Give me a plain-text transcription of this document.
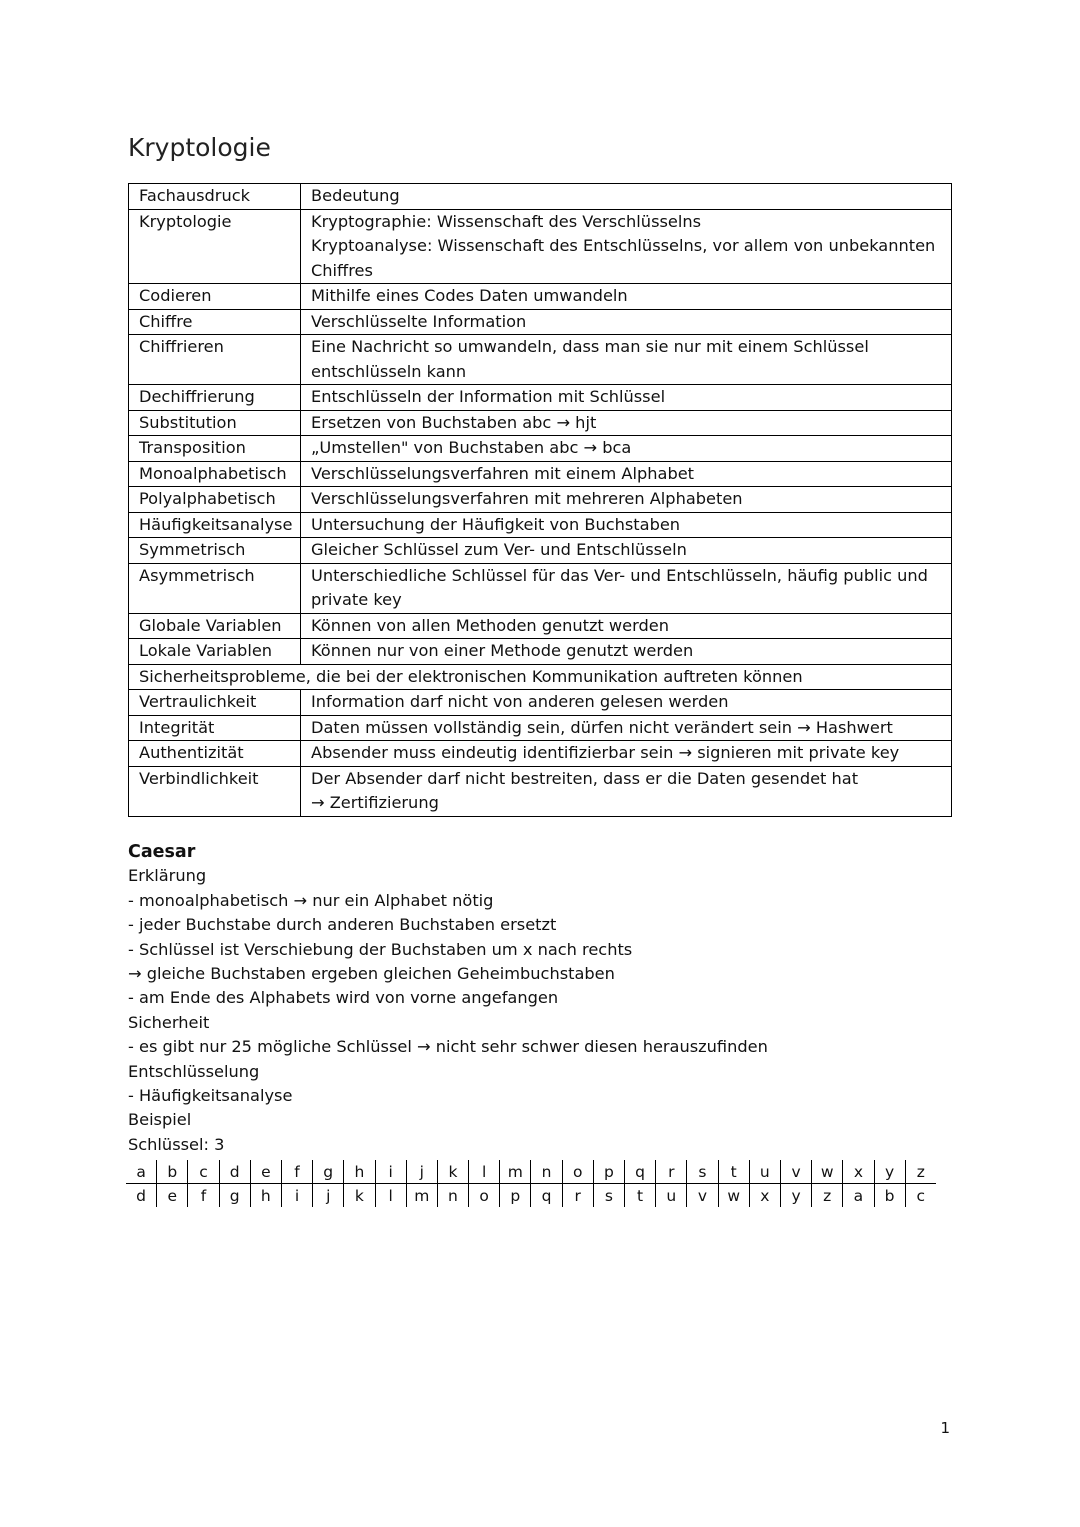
Kryptologie
Fachausdruck	Bedeutung
Kryptologie	Kryptographie: Wissenschaft des Verschlüsselns
Kryptoanalyse: Wissenschaft des Entschlüsselns, vor allem von unbekannten
Chiffres

Codieren	Mithilfe eines Codes Daten umwandeln

Chiffre	Verschlüsselte Information

Chiffrieren	Eine Nachricht so umwandeln, dass man sie nur mit einem Schlüssel
entschlüsseln kann

Dechiffrierung	Entschlüsseln der Information mit Schlüssel

Substitution	Ersetzen von Buchstaben abc → hjt

Transposition	„Umstellen" von Buchstaben abc → bca

Monoalphabetisch	Verschlüsselungsverfahren mit einem Alphabet

Polyalphabetisch	Verschlüsselungsverfahren mit mehreren Alphabeten

Häufigkeitsanalyse	Untersuchung der Häufigkeit von Buchstaben

Symmetrisch	Gleicher Schlüssel zum Ver- und Entschlüsseln

Asymmetrisch	Unterschiedliche Schlüssel für das Ver- und Entschlüsseln, häufig public und
private key

Globale Variablen	Können von allen Methoden genutzt werden

Lokale Variablen	Können nur von einer Methode genutzt werden

Sicherheitsprobleme, die bei der elektronischen Kommunikation auftreten können	
Vertraulichkeit	Information darf nicht von anderen gelesen werden

Integrität	Daten müssen vollständig sein, dürfen nicht verändert sein → Hashwert

Authentizität	Absender muss eindeutig identifizierbar sein → signieren mit private key

Verbindlichkeit	Der Absender darf nicht bestreiten, dass er die Daten gesendet hat
→ Zertifizierung
Caesar
Erklärung
- monoalphabetisch → nur ein Alphabet nötig
- jeder Buchstabe durch anderen Buchstaben ersetzt
- Schlüssel ist Verschiebung der Buchstaben um x nach rechts
→ gleiche Buchstaben ergeben gleichen Geheimbuchstaben
- am Ende des Alphabets wird von vorne angefangen
Sicherheit
- es gibt nur 25 mögliche Schlüssel → nicht sehr schwer diesen herauszufinden
Entschlüsselung
- Häufigkeitsanalyse
Beispiel
Schlüssel: 3
a	b	c	d	e	f	g	h	i	j	k	l	m	n	o	p	q	r	s	t	u	v	w	x	y	z
d	e	f	g	h	i	j	k	l	m	n	o	p	q	r	s	t	u	v	w	x	y	z	a	b	c
1
